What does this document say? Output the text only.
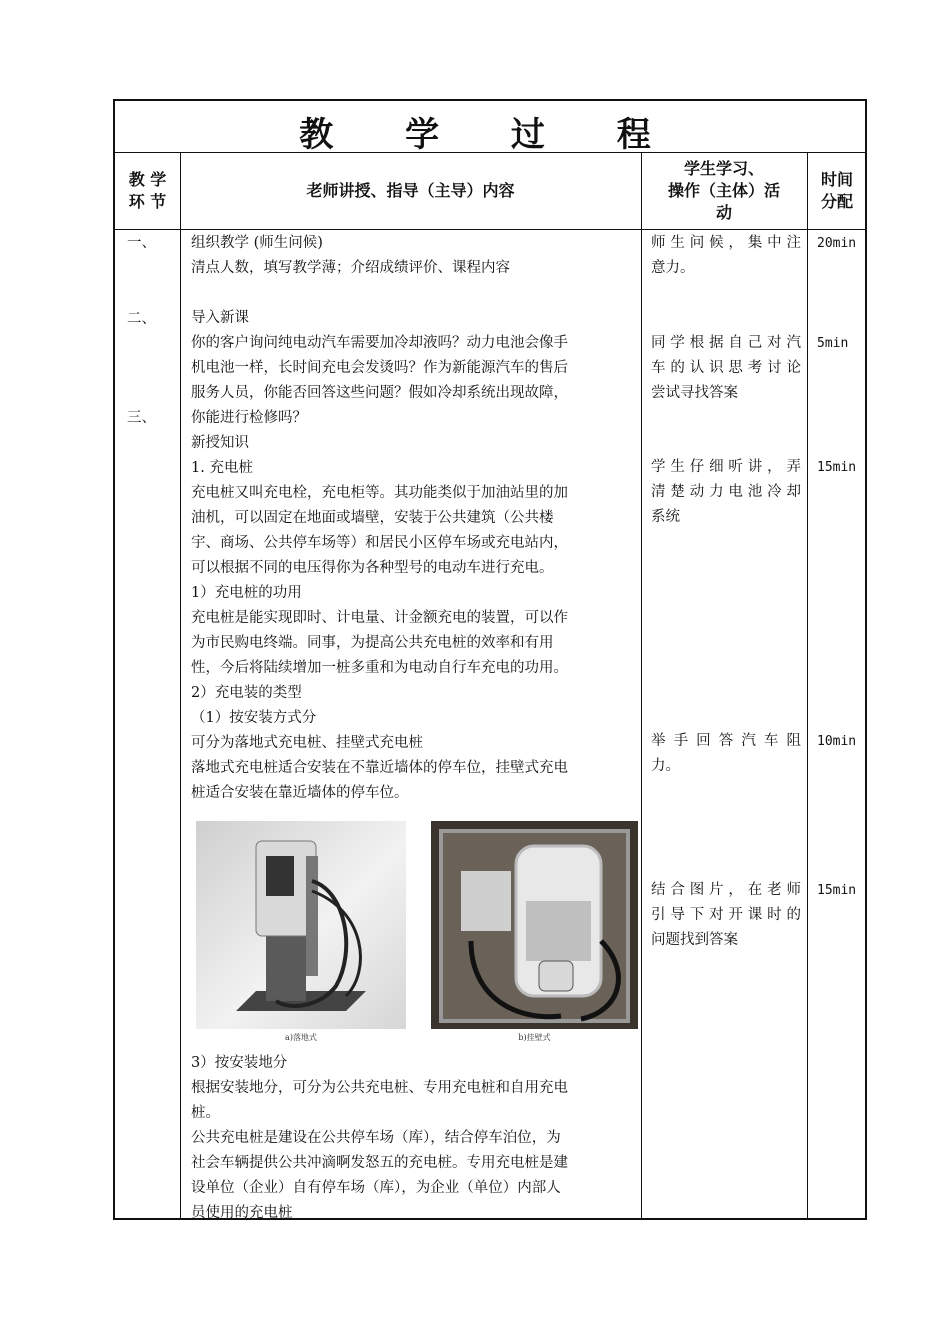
教 学 过 程
教 学
环 节
老师讲授、指导（主导）内容
学生学习、
操作（主体）活
动
时间
分配
一、
二、
三、
组织教学 (师生问候)
清点人数，填写教学薄；介绍成绩评价、课程内容
导入新课
你的客户询问纯电动汽车需要加冷却液吗？动力电池会像手
机电池一样，长时间充电会发烫吗？作为新能源汽车的售后
服务人员，你能否回答这些问题？假如冷却系统出现故障，
你能进行检修吗？
新授知识
1. 充电桩
充电桩又叫充电栓，充电柜等。其功能类似于加油站里的加
油机，可以固定在地面或墙壁，安装于公共建筑（公共楼
宇、商场、公共停车场等）和居民小区停车场或充电站内，
可以根据不同的电压得你为各种型号的电动车进行充电。
1）充电桩的功用
充电桩是能实现即时、计电量、计金额充电的装置，可以作
为市民购电终端。同事，为提高公共充电桩的效率和有用
性，今后将陆续增加一桩多重和为电动自行车充电的功用。
2）充电装的类型
（1）按安装方式分
可分为落地式充电桩、挂壁式充电桩
落地式充电桩适合安装在不靠近墙体的停车位，挂壁式充电
桩适合安装在靠近墙体的停车位。
a)落地式	b)挂壁式
3）按安装地分
根据安装地分，可分为公共充电桩、专用充电桩和自用充电
桩。
公共充电桩是建设在公共停车场（库），结合停车泊位，为
社会车辆提供公共冲滴啊发怒五的充电桩。专用充电桩是建
设单位（企业）自有停车场（库），为企业（单位）内部人
员使用的充电桩
师生问候，集中注
意力。
同学根据自己对汽
车的认识思考讨论
尝试寻找答案
学生仔细听讲，弄
清楚动力电池冷却
系统
举手回答汽车阻
力。
结合图片，在老师
引导下对开课时的
问题找到答案
20min
5min
15min
10min
15min
